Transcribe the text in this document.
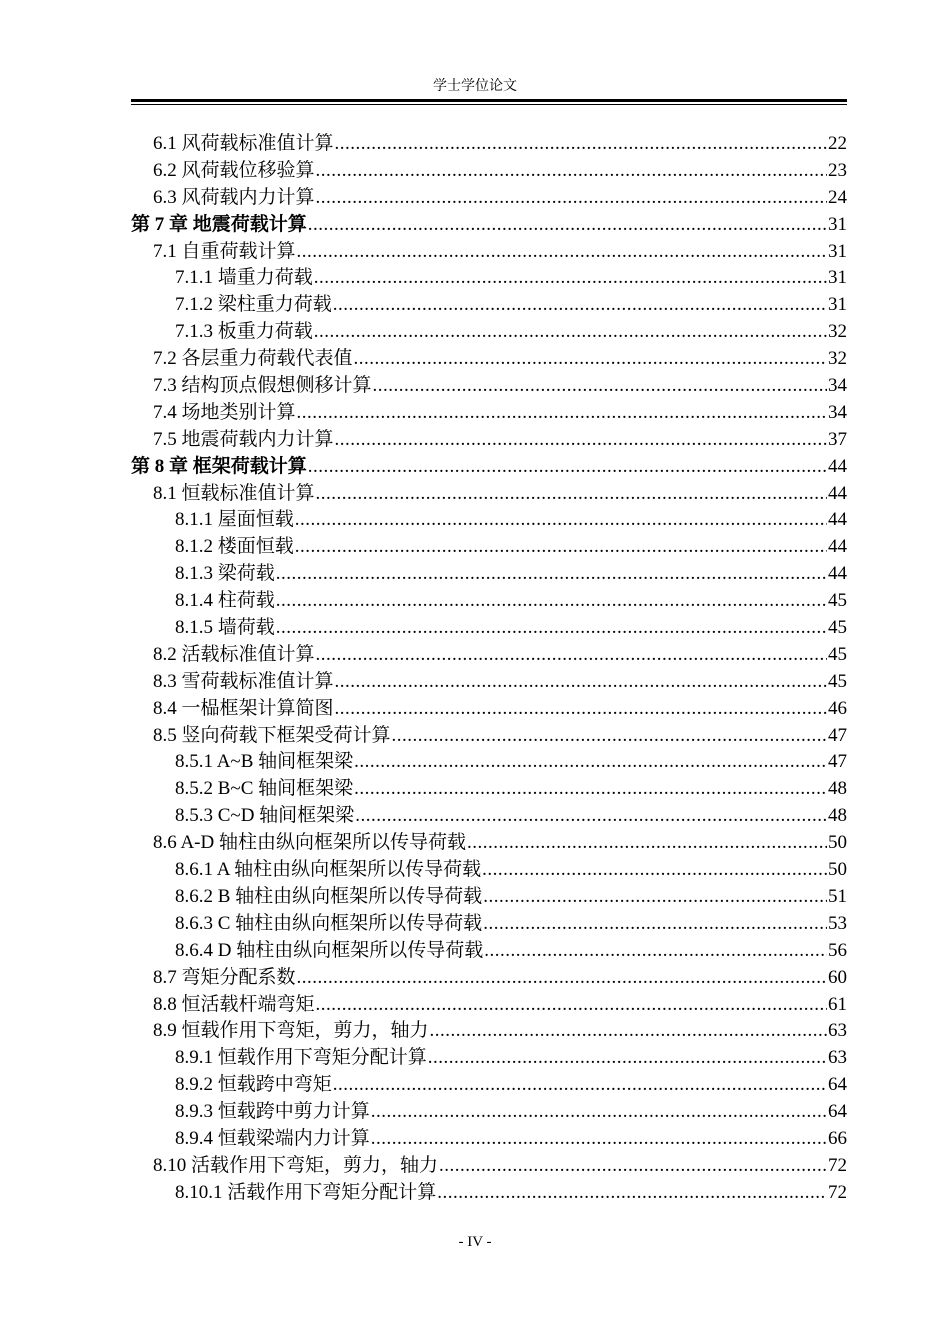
学士学位论文
6.1 风荷载标准值计算 .....	22
6.2 风荷载位移验算 .....	23
6.3 风荷载内力计算 .....	24
第 7 章 地震荷载计算 .....	31
7.1 自重荷载计算 .....	31
7.1.1 墙重力荷载 .....	31
7.1.2 梁柱重力荷载 .....	31
7.1.3 板重力荷载 .....	32
7.2 各层重力荷载代表值 .....	32
7.3 结构顶点假想侧移计算 .....	34
7.4 场地类别计算 .....	34
7.5 地震荷载内力计算 .....	37
第 8 章 框架荷载计算 .....	44
8.1 恒载标准值计算 .....	44
8.1.1 屋面恒载 .....	44
8.1.2 楼面恒载 .....	44
8.1.3 梁荷载 .....	44
8.1.4 柱荷载 .....	45
8.1.5 墙荷载 .....	45
8.2 活载标准值计算 .....	45
8.3 雪荷载标准值计算 .....	45
8.4 一榀框架计算简图 .....	46
8.5 竖向荷载下框架受荷计算 .....	47
8.5.1 A~B 轴间框架梁 .....	47
8.5.2 B~C 轴间框架梁 .....	48
8.5.3 C~D 轴间框架梁 .....	48
8.6 A-D 轴柱由纵向框架所以传导荷载 .....	50
8.6.1 A 轴柱由纵向框架所以传导荷载 .....	50
8.6.2 B 轴柱由纵向框架所以传导荷载 .....	51
8.6.3 C 轴柱由纵向框架所以传导荷载 .....	53
8.6.4 D 轴柱由纵向框架所以传导荷载 .....	56
8.7 弯矩分配系数 .....	60
8.8 恒活载杆端弯矩 .....	61
8.9 恒载作用下弯矩，剪力，轴力 .....	63
8.9.1 恒载作用下弯矩分配计算 .....	63
8.9.2 恒载跨中弯矩 .....	64
8.9.3 恒载跨中剪力计算 .....	64
8.9.4 恒载梁端内力计算 .....	66
8.10 活载作用下弯矩，剪力，轴力 .....	72
8.10.1 活载作用下弯矩分配计算 .....	72
- IV -
